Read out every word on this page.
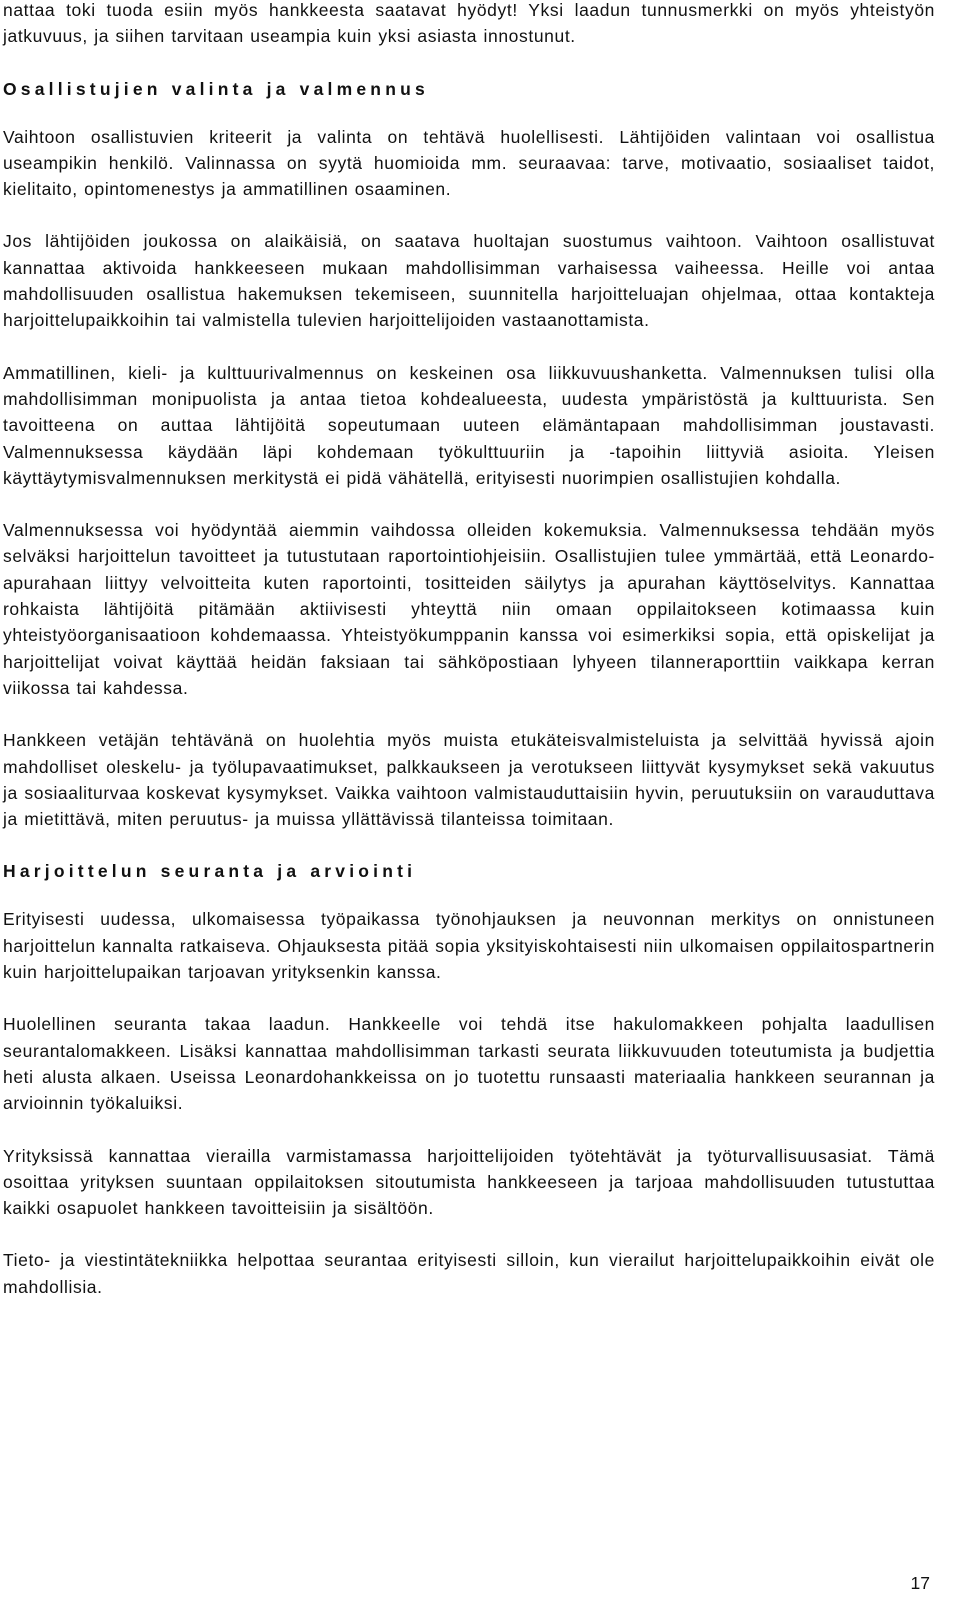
nattaa toki tuoda esiin myös hankkeesta saatavat hyödyt! Yksi laadun tunnusmerkki on myös yhteistyön jatkuvuus, ja siihen tarvitaan useampia kuin yksi asiasta innostunut.

Osallistujien valinta ja valmennus

Vaihtoon osallistuvien kriteerit ja valinta on tehtävä huolellisesti. Lähtijöiden valintaan voi osallistua useampikin henkilö. Valinnassa on syytä huomioida mm. seuraavaa: tarve, motivaatio, sosiaaliset taidot, kielitaito, opintomenestys ja ammatillinen osaaminen.

Jos lähtijöiden joukossa on alaikäisiä, on saatava huoltajan suostumus vaihtoon. Vaihtoon osallistuvat kannattaa aktivoida hankkeeseen mukaan mahdollisimman varhaisessa vaiheessa. Heille voi antaa mahdollisuuden osallistua hakemuksen tekemiseen, suunnitella harjoitteluajan ohjelmaa, ottaa kontakteja harjoittelupaikkoihin tai valmistella tulevien harjoittelijoiden vastaanottamista.

Ammatillinen, kieli- ja kulttuurivalmennus on keskeinen osa liikkuvuushanketta. Valmennuksen tulisi olla mahdollisimman monipuolista ja antaa tietoa kohdealueesta, uudesta ympäristöstä ja kulttuurista. Sen tavoitteena on auttaa lähtijöitä sopeutumaan uuteen elämäntapaan mahdollisimman joustavasti. Valmennuksessa käydään läpi kohdemaan työkulttuuriin ja -tapoihin liittyviä asioita. Yleisen käyttäytymisvalmennuksen merkitystä ei pidä vähätellä, erityisesti nuorimpien osallistujien kohdalla.

Valmennuksessa voi hyödyntää aiemmin vaihdossa olleiden kokemuksia. Valmennuksessa tehdään myös selväksi harjoittelun tavoitteet ja tutustutaan raportointiohjeisiin. Osallistujien tulee ymmärtää, että Leonardo-apurahaan liittyy velvoitteita kuten raportointi, tositteiden säilytys ja apurahan käyttöselvitys. Kannattaa rohkaista lähtijöitä pitämään aktiivisesti yhteyttä niin omaan oppilaitokseen kotimaassa kuin yhteistyöorganisaatioon kohdemaassa. Yhteistyökumppanin kanssa voi esimerkiksi sopia, että opiskelijat ja harjoittelijat voivat käyttää heidän faksiaan tai sähköpostiaan lyhyeen tilanneraporttiin vaikkapa kerran viikossa tai kahdessa.

Hankkeen vetäjän tehtävänä on huolehtia myös muista etukäteisvalmisteluista ja selvittää hyvissä ajoin mahdolliset oleskelu- ja työlupavaatimukset, palkkaukseen ja verotukseen liittyvät kysymykset sekä vakuutus ja sosiaaliturvaa koskevat kysymykset. Vaikka vaihtoon valmistauduttaisiin hyvin, peruutuksiin on varauduttava ja mietittävä, miten peruutus- ja muissa yllättävissä tilanteissa toimitaan.

Harjoittelun seuranta ja arviointi

Erityisesti uudessa, ulkomaisessa työpaikassa työnohjauksen ja neuvonnan merkitys on onnistuneen harjoittelun kannalta ratkaiseva. Ohjauksesta pitää sopia yksityiskohtaisesti niin ulkomaisen oppilaitospartnerin kuin harjoittelupaikan tarjoavan yrityksenkin kanssa.

Huolellinen seuranta takaa laadun. Hankkeelle voi tehdä itse hakulomakkeen pohjalta laadullisen seurantalomakkeen. Lisäksi kannattaa mahdollisimman tarkasti seurata liikkuvuuden toteutumista ja budjettia heti alusta alkaen. Useissa Leonardohankkeissa on jo tuotettu runsaasti materiaalia hankkeen seurannan ja arvioinnin työkaluiksi.

Yrityksissä kannattaa vierailla varmistamassa harjoittelijoiden työtehtävät ja työturvallisuusasiat. Tämä osoittaa yrityksen suuntaan oppilaitoksen sitoutumista hankkeeseen ja tarjoaa mahdollisuuden tutustuttaa kaikki osapuolet hankkeen tavoitteisiin ja sisältöön.

Tieto- ja viestintätekniikka helpottaa seurantaa erityisesti silloin, kun vierailut harjoittelupaikkoihin eivät ole mahdollisia.

17
